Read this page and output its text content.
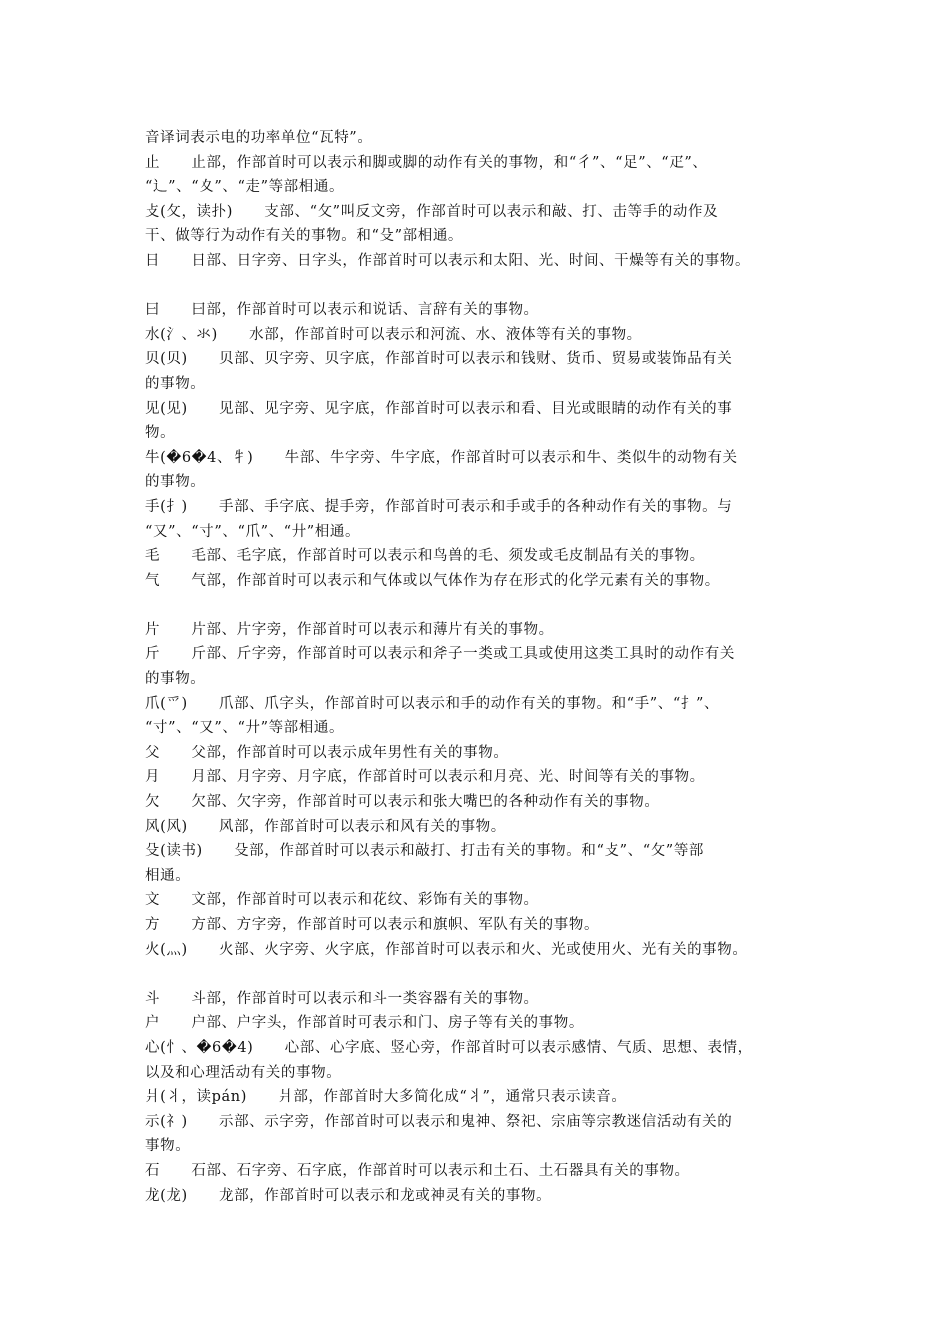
音译词表示电的功率单位“瓦特”。
止      止部，作部首时可以表示和脚或脚的动作有关的事物，和“彳”、“足”、“疋”、
“辶”、“夊”、“走”等部相通。
攴(攵，读扑)      支部、“攵”叫反文旁，作部首时可以表示和敲、打、击等手的动作及
干、做等行为动作有关的事物。和“殳”部相通。
日      日部、日字旁、日字头，作部首时可以表示和太阳、光、时间、干燥等有关的事物。
曰      曰部，作部首时可以表示和说话、言辞有关的事物。
水(氵、氺)      水部，作部首时可以表示和河流、水、液体等有关的事物。
贝(贝)      贝部、贝字旁、贝字底，作部首时可以表示和钱财、货币、贸易或装饰品有关
的事物。
见(见)      见部、见字旁、见字底，作部首时可以表示和看、目光或眼睛的动作有关的事
物。
牛(�6�4、牜)      牛部、牛字旁、牛字底，作部首时可以表示和牛、类似牛的动物有关
的事物。
手(扌)      手部、手字底、提手旁，作部首时可表示和手或手的各种动作有关的事物。与
“又”、“寸”、“爪”、“廾”相通。
毛      毛部、毛字底，作部首时可以表示和鸟兽的毛、须发或毛皮制品有关的事物。
气      气部，作部首时可以表示和气体或以气体作为存在形式的化学元素有关的事物。
片      片部、片字旁，作部首时可以表示和薄片有关的事物。
斤      斤部、斤字旁，作部首时可以表示和斧子一类或工具或使用这类工具时的动作有关
的事物。
爪(爫)      爪部、爪字头，作部首时可以表示和手的动作有关的事物。和“手”、“扌”、
“寸”、“又”、“廾”等部相通。
父      父部，作部首时可以表示成年男性有关的事物。
月      月部、月字旁、月字底，作部首时可以表示和月亮、光、时间等有关的事物。
欠      欠部、欠字旁，作部首时可以表示和张大嘴巴的各种动作有关的事物。
风(风)      风部，作部首时可以表示和风有关的事物。
殳(读书)      殳部，作部首时可以表示和敲打、打击有关的事物。和“攴”、“攵”等部
相通。
文      文部，作部首时可以表示和花纹、彩饰有关的事物。
方      方部、方字旁，作部首时可以表示和旗帜、军队有关的事物。
火(灬)      火部、火字旁、火字底，作部首时可以表示和火、光或使用火、光有关的事物。
斗      斗部，作部首时可以表示和斗一类容器有关的事物。
户      户部、户字头，作部首时可表示和门、房子等有关的事物。
心(忄、�6�4)      心部、心字底、竖心旁，作部首时可以表示感情、气质、思想、表情，
以及和心理活动有关的事物。
爿(丬，读pán)      爿部，作部首时大多简化成“丬”，通常只表示读音。
示(礻)      示部、示字旁，作部首时可以表示和鬼神、祭祀、宗庙等宗教迷信活动有关的
事物。
石      石部、石字旁、石字底，作部首时可以表示和土石、土石器具有关的事物。
龙(龙)      龙部，作部首时可以表示和龙或神灵有关的事物。
